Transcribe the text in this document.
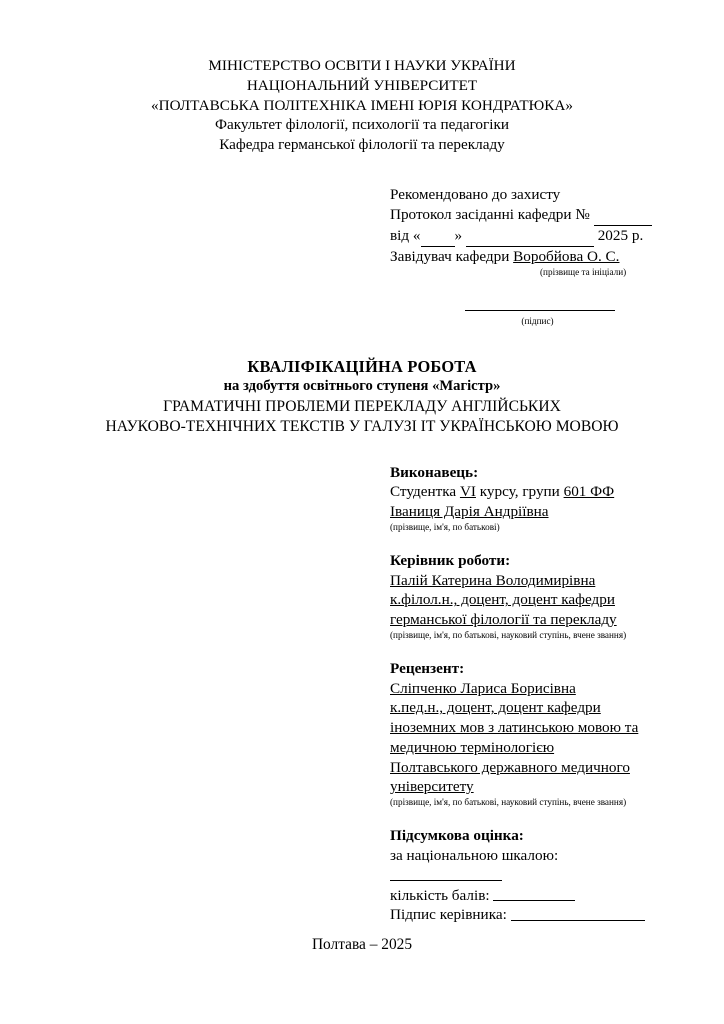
МІНІСТЕРСТВО ОСВІТИ І НАУКИ УКРАЇНИ
НАЦІОНАЛЬНИЙ УНІВЕРСИТЕТ
«ПОЛТАВСЬКА ПОЛІТЕХНІКА ІМЕНІ ЮРІЯ КОНДРАТЮКА»
Факультет філології, психології та педагогіки
Кафедра германської філології та перекладу
Рекомендовано до захисту
Протокол засіданні кафедри №
від « »	2025 р.
Завідувач кафедри Воробйова О. С.
(прізвище та ініціали)
(підпис)
КВАЛІФІКАЦІЙНА РОБОТА
на здобуття освітнього ступеня «Магістр»
ГРАМАТИЧНІ ПРОБЛЕМИ ПЕРЕКЛАДУ АНГЛІЙСЬКИХ
НАУКОВО-ТЕХНІЧНИХ ТЕКСТІВ У ГАЛУЗІ ІТ УКРАЇНСЬКОЮ МОВОЮ
Виконавець:
Студентка VI курсу, групи 601 ФФ
Іваниця Дарія Андріївна
(прізвище, ім'я, по батькові)
Керівник роботи:
Палій Катерина Володимирівна
к.філол.н., доцент, доцент кафедри
германської філології та перекладу
(прізвище, ім'я, по батькові, науковий ступінь, вчене звання)
Рецензент:
Сліпченко Лариса Борисівна
к.пед.н., доцент, доцент кафедри
іноземних мов з латинською мовою та
медичною термінологією
Полтавського державного медичного
університету
(прізвище, ім'я, по батькові, науковий ступінь, вчене звання)
Підсумкова оцінка:
за національною шкалою:
кількість балів:
Підпис керівника:
Полтава – 2025
